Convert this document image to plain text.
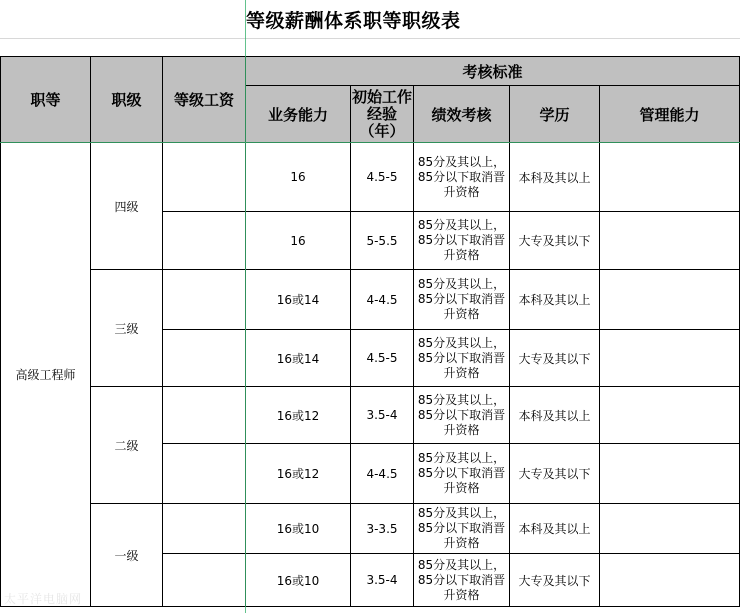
等级薪酬体系职等职级表
职等	职级	等级工资	考核标准				
			业务能力	初始工作经验（年）	绩效考核	学历	管理能力
高级工程师	四级		16	4.5-5	85分及其以上，85分以下取消晋升资格	本科及其以上	
			16	5-5.5	85分及其以上，85分以下取消晋升资格	大专及其以下	
	三级		16或14	4-4.5	85分及其以上，85分以下取消晋升资格	本科及其以上	
			16或14	4.5-5	85分及其以上，85分以下取消晋升资格	大专及其以下	
	二级		16或12	3.5-4	85分及其以上，85分以下取消晋升资格	本科及其以上	
			16或12	4-4.5	85分及其以上，85分以下取消晋升资格	大专及其以下	
	一级		16或10	3-3.5	85分及其以上，85分以下取消晋升资格	本科及其以上	
			16或10	3.5-4	85分及其以上，85分以下取消晋升资格	大专及其以下	
太平洋电脑网
